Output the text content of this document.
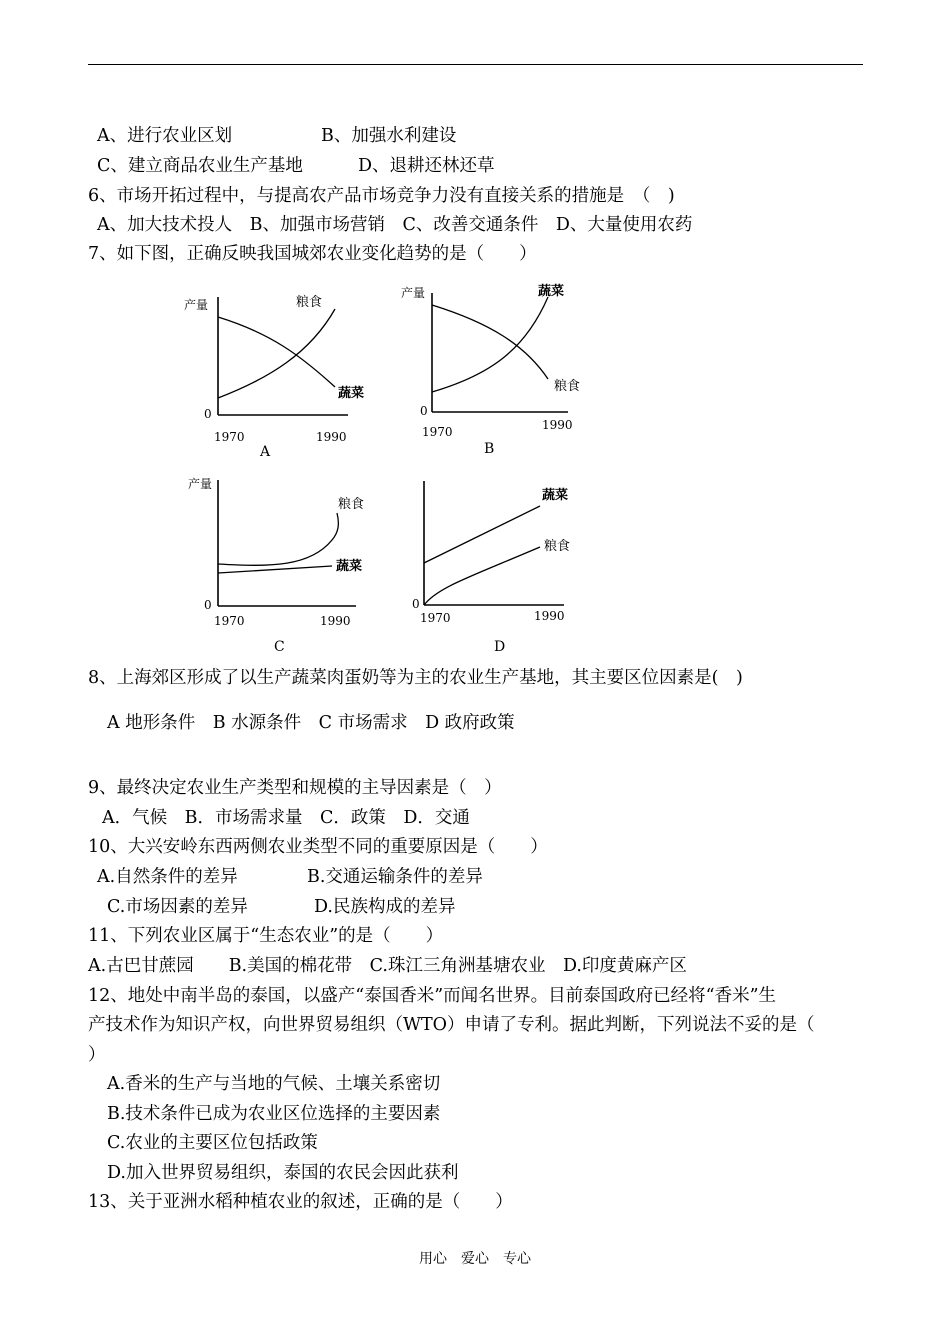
A、进行农业区划	B、加强水利建设
C、建立商品农业生产基地	D、退耕还林还草
6、市场开拓过程中，与提高农产品市场竞争力没有直接关系的措施是　（　)
A、加大技术投人　B、加强市场营销　C、改善交通条件　D、大量使用农药
7、如下图，正确反映我国城郊农业变化趋势的是（　　）
产量
0
1970	1990
粮食
蔬菜
A
产量
0
1970	1990
蔬菜
粮食
B
产量
0
1970	1990
粮食
蔬菜
C
0
1970	1990
蔬菜
粮食
D
8、上海郊区形成了以生产蔬菜肉蛋奶等为主的农业生产基地，其主要区位因素是(　)
A 地形条件　B 水源条件　C 市场需求　D 政府政策
9、最终决定农业生产类型和规模的主导因素是（　）
A．气候　B．市场需求量　C．政策　D．交通
10、大兴安岭东西两侧农业类型不同的重要原因是（　　）
A.自然条件的差异	B.交通运输条件的差异
C.市场因素的差异	D.民族构成的差异
11、下列农业区属于“生态农业”的是（　　）
A.古巴甘蔗园　　B.美国的棉花带　C.珠江三角洲基塘农业　D.印度黄麻产区
12、地处中南半岛的泰国，以盛产“泰国香米”而闻名世界。目前泰国政府已经将“香米”生
产技术作为知识产权，向世界贸易组织（WTO）申请了专利。据此判断，下列说法不妥的是（
）
A.香米的生产与当地的气候、土壤关系密切
B.技术条件已成为农业区位选择的主要因素
C.农业的主要区位包括政策
D.加入世界贸易组织，泰国的农民会因此获利
13、关于亚洲水稻种植农业的叙述，正确的是（　　）
用心　爱心　专心
